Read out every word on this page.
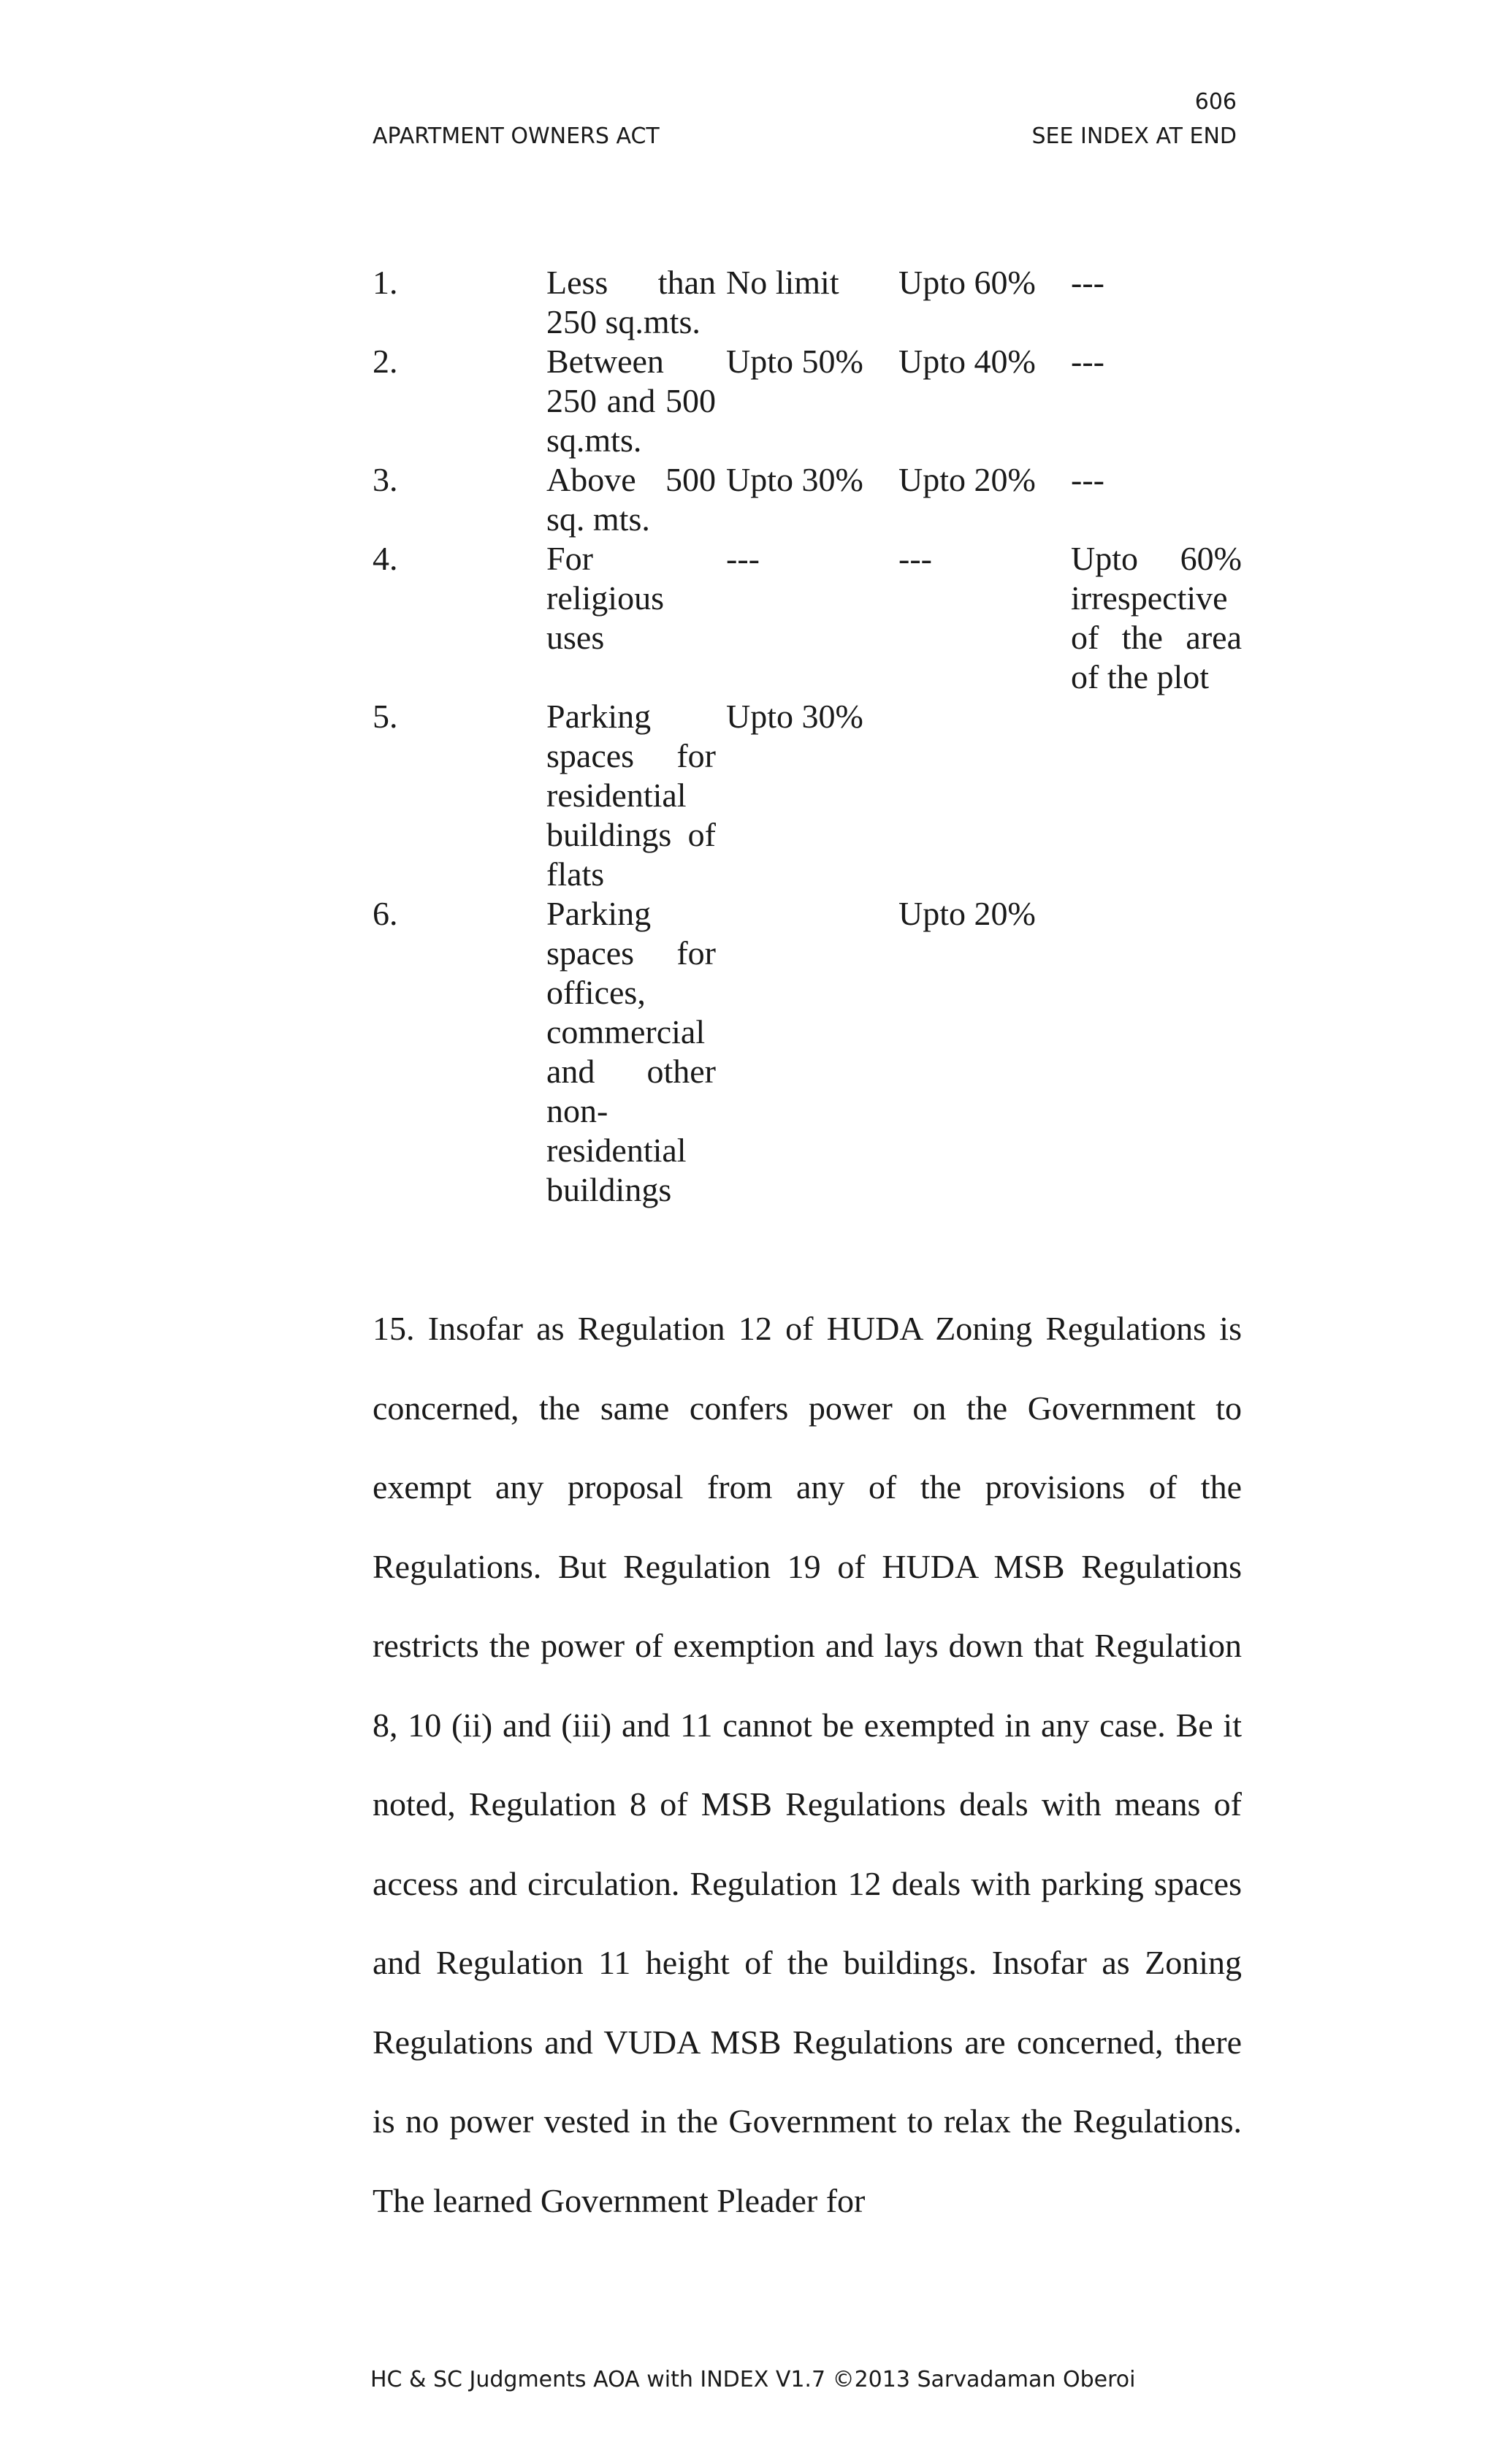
606
APARTMENT OWNERS ACT	SEE INDEX AT END
1.	Less than 250 sq.mts.	No limit	Upto 60%	---
2.	Between 250 and 500 sq.mts.	Upto 50%	Upto 40%	---
3.	Above 500 sq. mts.	Upto 30%	Upto 20%	---
4.	For religious uses	---	---	Upto 60% irrespective of the area of the plot
5.	Parking spaces for residential buildings of flats	Upto 30%		
6.	Parking spaces for offices, commercial and other non-residential buildings		Upto 20%	

15. Insofar as Regulation 12 of HUDA Zoning Regulations is concerned, the same confers power on the Government to exempt any proposal from any of the provisions of the Regulations. But Regulation 19 of HUDA MSB Regulations restricts the power of exemption and lays down that Regulation 8, 10 (ii) and (iii) and 11 cannot be exempted in any case. Be it noted, Regulation 8 of MSB Regulations deals with means of access and circulation. Regulation 12 deals with parking spaces and Regulation 11 height of the buildings. Insofar as Zoning Regulations and VUDA MSB Regulations are concerned, there is no power vested in the Government to relax the Regulations. The learned Government Pleader for

HC & SC Judgments AOA with INDEX V1.7 ©2013 Sarvadaman Oberoi
